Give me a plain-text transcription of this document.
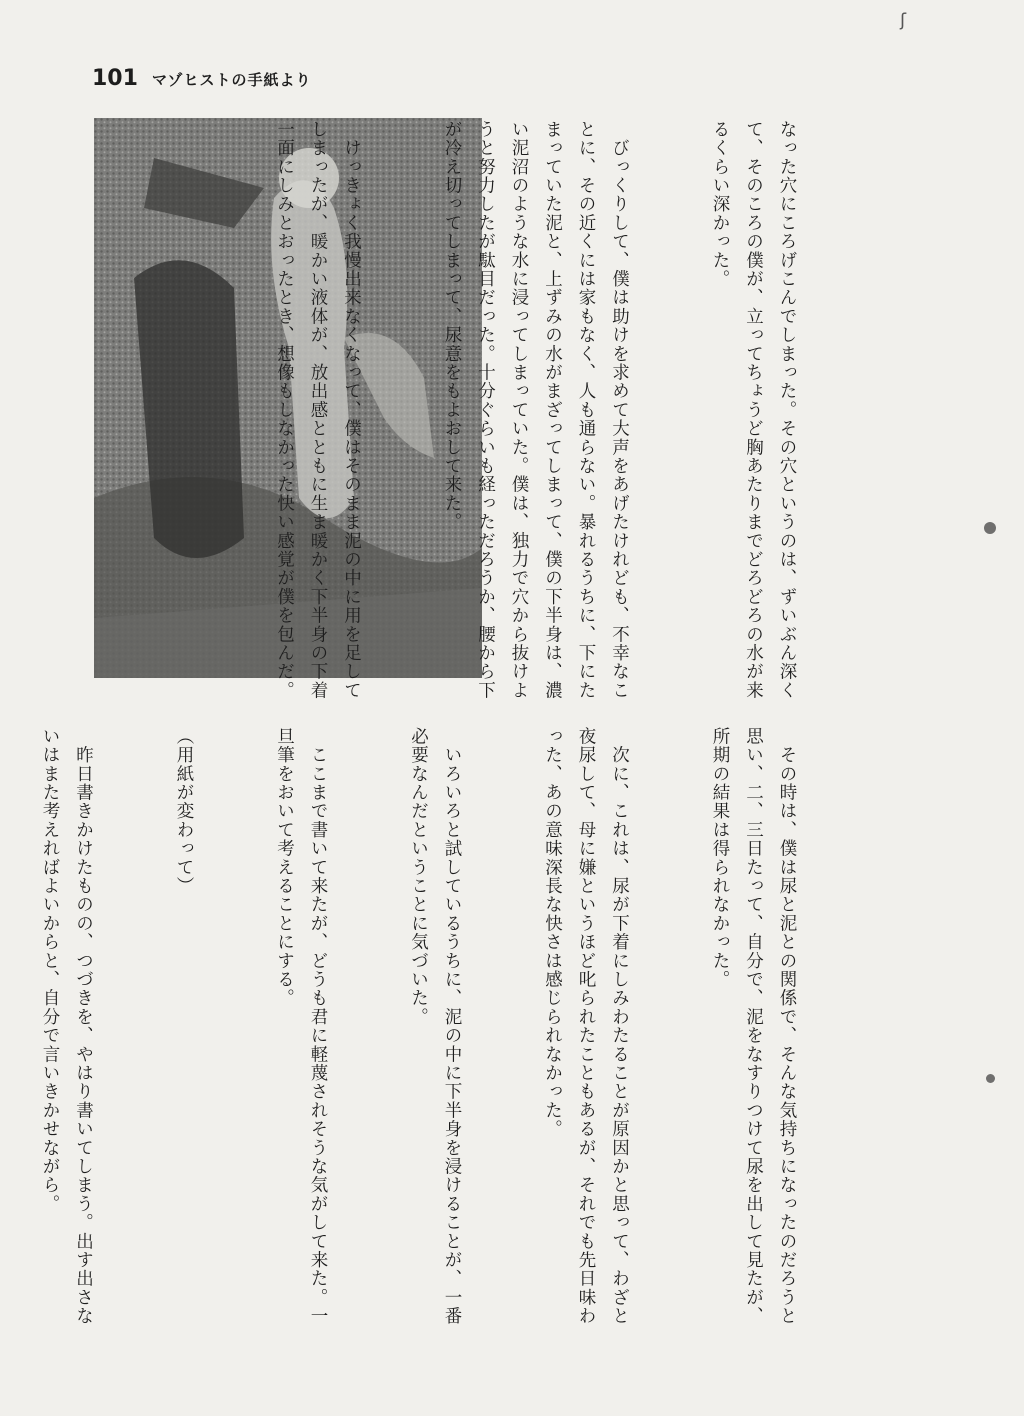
ʃ
101 マゾヒストの手紙より

なった穴にころげこんでしまった。その穴というのは、ずいぶん深くて、そのころの僕が、立ってちょうど胸あたりまでどろどろの水が来るくらい深かった。

　びっくりして、僕は助けを求めて大声をあげたけれども、不幸なことに、その近くには家もなく、人も通らない。暴れるうちに、下にたまっていた泥と、上ずみの水がまざってしまって、僕の下半身は、濃い泥沼のような水に浸ってしまっていた。僕は、独力で穴から抜けようと努力したが駄目だった。十分ぐらいも経っただろうか、腰から下が冷え切ってしまって、尿意をもよおして来た。

　けっきょく我慢出来なくなって、僕はそのまま泥の中に用を足してしまったが、暖かい液体が、放出感とともに生ま暖かく下半身の下着一面にしみとおったとき、想像もしなかった快い感覚が僕を包んだ。

　その時は、僕は尿と泥との関係で、そんな気持ちになったのだろうと思い、二、三日たって、自分で、泥をなすりつけて尿を出して見たが、所期の結果は得られなかった。

　次に、これは、尿が下着にしみわたることが原因かと思って、わざと夜尿して、母に嫌というほど叱られたこともあるが、それでも先日味わった、あの意味深長な快さは感じられなかった。

　いろいろと試しているうちに、泥の中に下半身を浸けることが、一番必要なんだということに気づいた。

　ここまで書いて来たが、どうも君に軽蔑されそうな気がして来た。一旦筆をおいて考えることにする。

（用紙が変わって）

　昨日書きかけたものの、つづきを、やはり書いてしまう。出す出さないはまた考えればよいからと、自分で言いきかせながら。
